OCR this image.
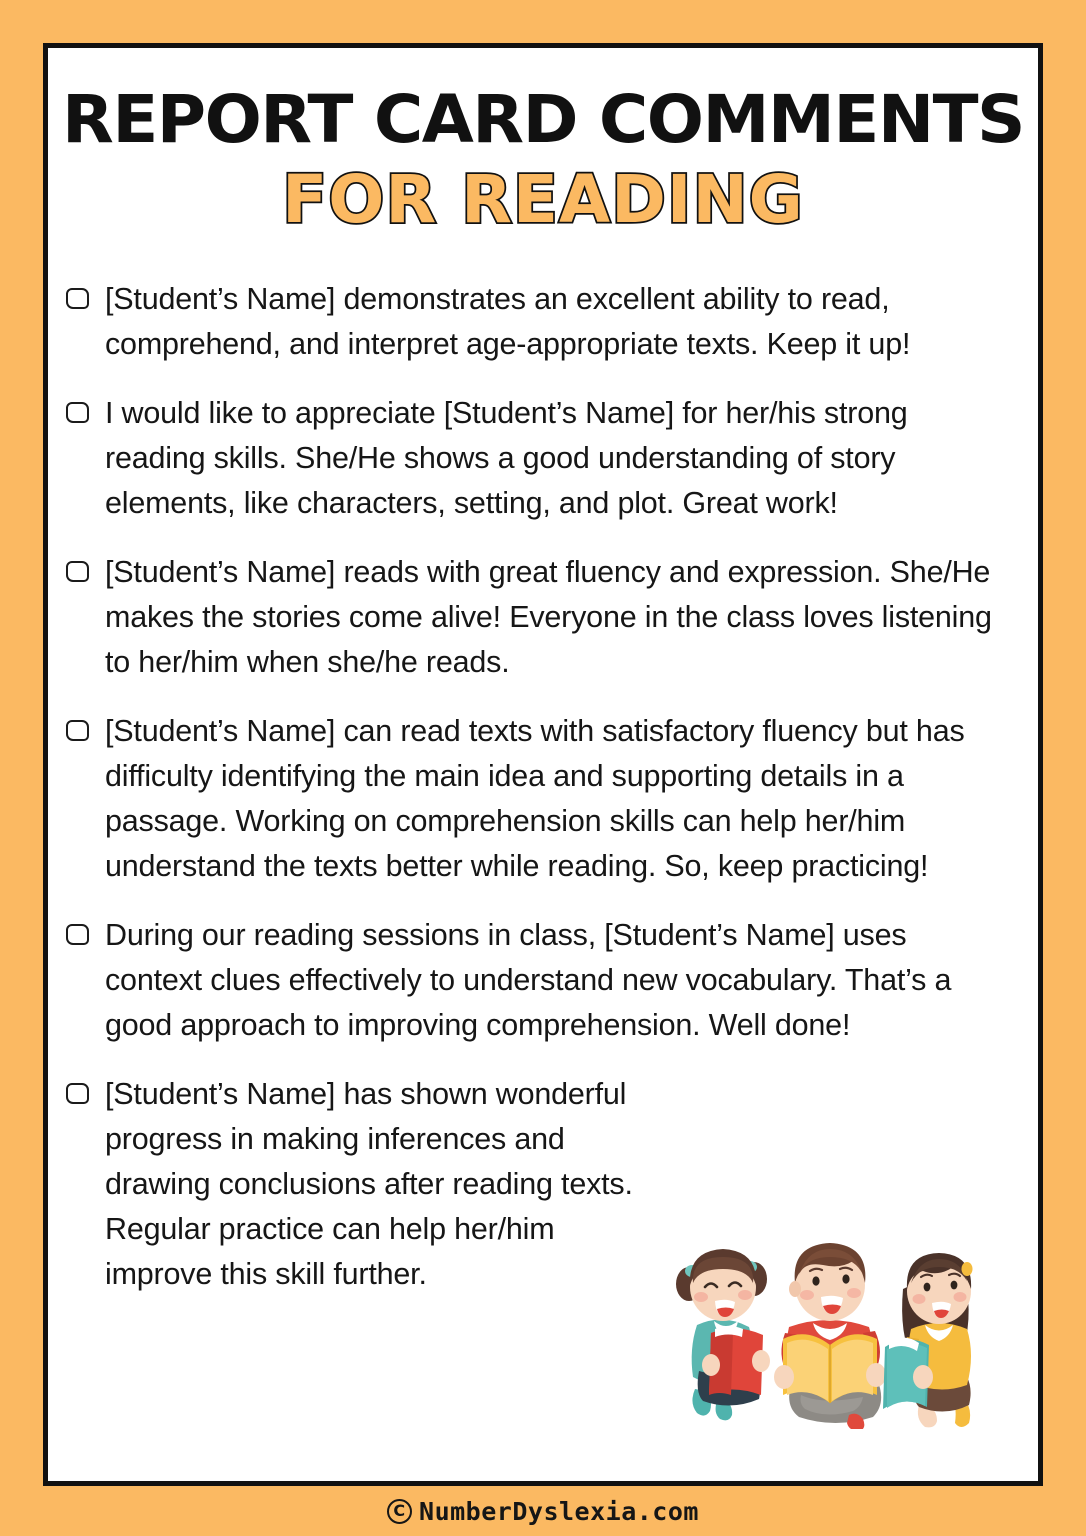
REPORT CARD COMMENTS
FOR READING
[Student’s Name] demonstrates an excellent ability to read, comprehend, and interpret age-appropriate texts. Keep it up!
I would like to appreciate [Student’s Name] for her/his strong reading skills. She/He shows a good understanding of story elements, like characters, setting, and plot. Great work!
[Student’s Name] reads with great fluency and expression. She/He makes the stories come alive! Everyone in the class loves listening to her/him when she/he reads.
[Student’s Name] can read texts with satisfactory fluency but has difficulty identifying the main idea and supporting details in a passage. Working on comprehension skills can help her/him understand the texts better while reading. So, keep practicing!
During our reading sessions in class, [Student’s Name] uses context clues effectively to understand new vocabulary. That’s a good approach to improving comprehension. Well done!
[Student’s Name] has shown wonderful progress in making inferences and drawing conclusions after reading texts. Regular practice can help her/him improve this skill further.
C NumberDyslexia.com
